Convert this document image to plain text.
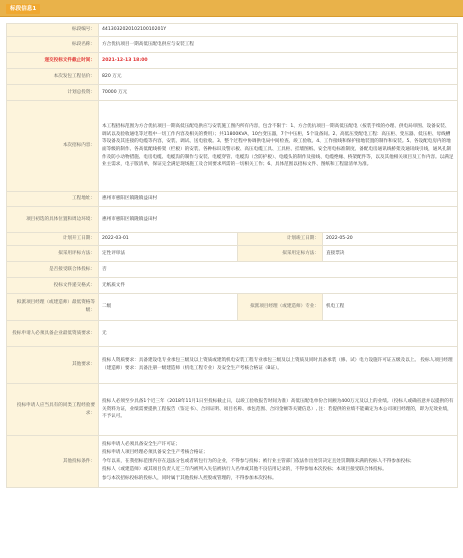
标段信息1
标段编号：	441303202010210010201Y		
标段名称：	方合优抗项目一期高低压配电供应与安装工程		
递交投标文件截止时间：	2021-12-13 18:00		
本次发包工程估价：	820 万元		
计划总投资：	70000 万元		
本次招标内容：	本工程招标范围为方合优抗项目一期高低压配电供应与安装施工图内所有内容，包含不限于：1、方合优抗项目一期高低压配电（按装手续的办理、供电局审图、设备安装、调试以及验收通电等过程中一切工作内容及相关的费用）；共11800KVA，10台变压器，7个中压柜，5个设备间。2、高低压变配电工程：高压柜、变压器、低压柜、母线槽等设备及其连接的电缆等内容，安装、调试、送电验收。3、整个过程中协调供电局中间检查、竣工验收。4、工作接线和保护接地装置的制作和安装。5、各设配电房内的地面等级的制作、各高低配线桥架（栏板）的安装、各种标识及警示板、高压电缆工具、工具柜、挂墙图纸、安全用电标准制度、备配电房通讯线桥架及通讯线引线，通风孔制作及防小动物措施、电房电缆、电缆沟的制作与安装、电缆穿管、电缆沟（含防护板）、电缆头的制作及接线、电缆绝缘、桥架配件等，以及其他相关项目及工作内容。以满足业主需求，电子版清单，保证完全满足现场施工及合同要求所需的一切相关工作；6、具体范围以招标文件、图纸和工程量清单为准。		
工程地址：	惠州市惠阳区镇隆镇益田村		
项目初选的具体位置和周边环境：	惠州市惠阳区镇隆镇益田村		
计划开工日期：	2022-03-01	计划竣工日期：	2022-05-20
拟采用评标方法：	定性评审法	拟采用定标方法：	直接票决
是否接受联合体投标：	否		
投标文件递交格式：	无纸质文件		
拟派项目经理（或建造师）最低资格等级：	二级	拟派项目经理（或建造师）专业：	机电工程
投标申请人必须具备企业最低资质要求：	无		
其他要求：	投标人资质要求：具备建设电专业承包三级及以上资质或建筑机电安装工程专业承包三级及以上资质及同时具备承装（修、试）电力设施许可证五级及以上。 投标人项目经理（建造师）要求：具备注册一级建造师（机电工程专业）及安全生产考核合格证（B证）。		
投标申请人应当具有的同类工程经验要求：	投标人必须至少具备1个近三年（2018年11月1日至投标截止日，以竣工验收报告时间为准）高低压配电单份合同额为400万元及以上的业绩。（投标人或确省意并以提供的有关资料为证，业绩需要提供工程报告（鉴定书）、合同证明、项目名称、承包范围、合同金额等关键信息）, 注：若提供的业绩不能确定为本公司项目经理的，即为无效业绩，不予认可。		
其他投标条件：	投标申请人必须具备安全生产许可证；
投标申请人项目经理必须具备安全生产考核合格证；
今年以来，在我招标范围内存在违法分包或者转包行为的企业，不得参与投标；被行业主管部门依法作出处罚决定且处罚期限未满的投标人不得参加投标；
投标人（或建造师）或其项目负责人近三年内被列入失信被执行人名单或其他不良信用记录的，不得参加本次投标；本项目接受联合体投标。
参与本次招标投标的投标人，同时属于其他投标人控股或管理的，不得参加本次投标。		
